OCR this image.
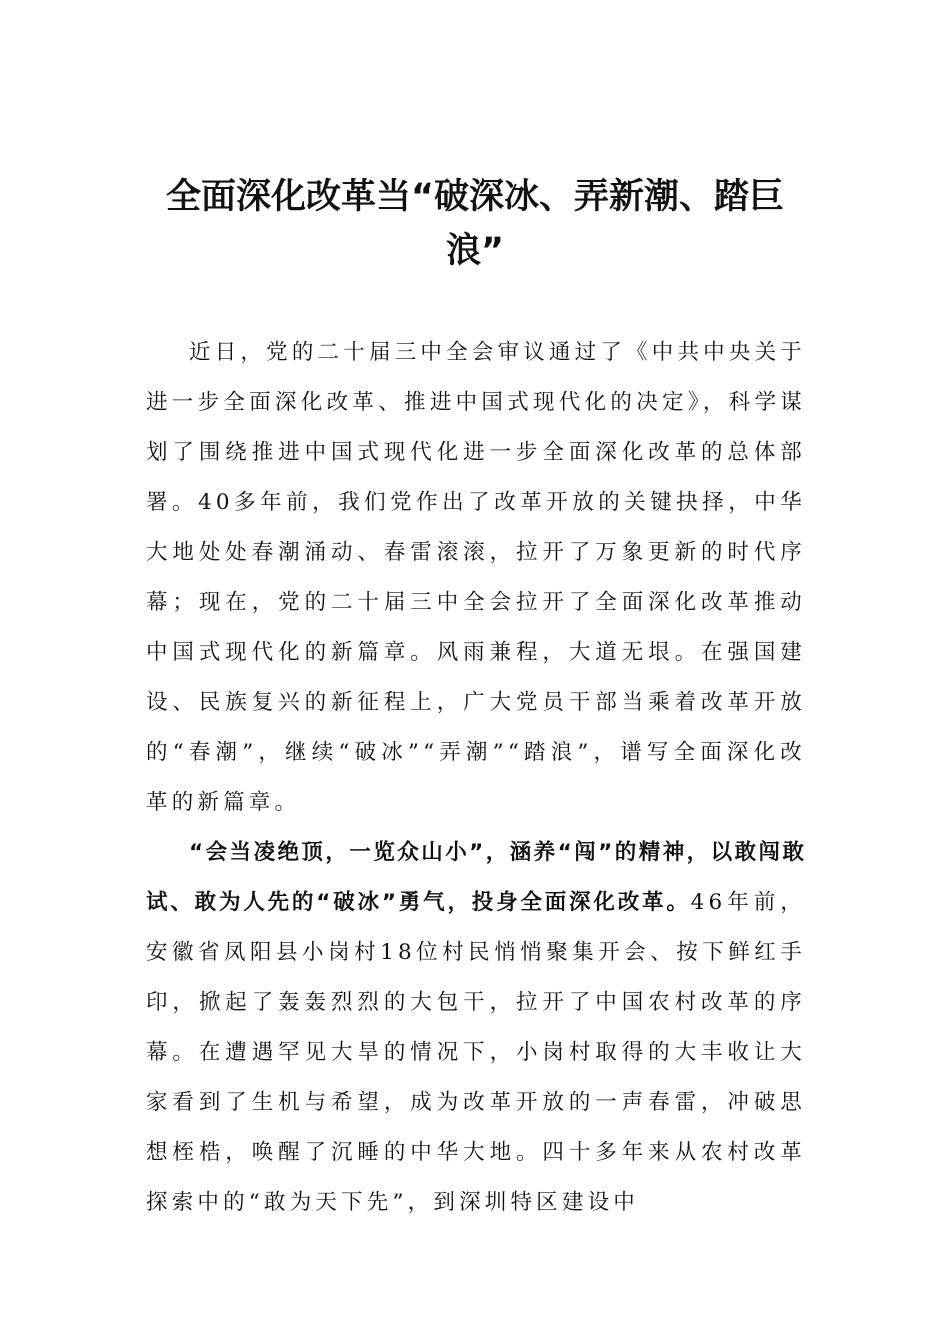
全面深化改革当“破深冰、弄新潮、踏巨浪”

近日，党的二十届三中全会审议通过了《中共中央关于进一步全面深化改革、推进中国式现代化的决定》，科学谋划了围绕推进中国式现代化进一步全面深化改革的总体部署。40多年前，我们党作出了改革开放的关键抉择，中华大地处处春潮涌动、春雷滚滚，拉开了万象更新的时代序幕；现在，党的二十届三中全会拉开了全面深化改革推动中国式现代化的新篇章。风雨兼程，大道无垠。在强国建设、民族复兴的新征程上，广大党员干部当乘着改革开放的“春潮”，继续“破冰”“弄潮”“踏浪”，谱写全面深化改革的新篇章。

“会当凌绝顶，一览众山小”，涵养“闯”的精神，以敢闯敢试、敢为人先的“破冰”勇气，投身全面深化改革。46年前，安徽省凤阳县小岗村18位村民悄悄聚集开会、按下鲜红手印，掀起了轰轰烈烈的大包干，拉开了中国农村改革的序幕。在遭遇罕见大旱的情况下，小岗村取得的大丰收让大家看到了生机与希望，成为改革开放的一声春雷，冲破思想桎梏，唤醒了沉睡的中华大地。四十多年来从农村改革探索中的“敢为天下先”，到深圳特区建设中
